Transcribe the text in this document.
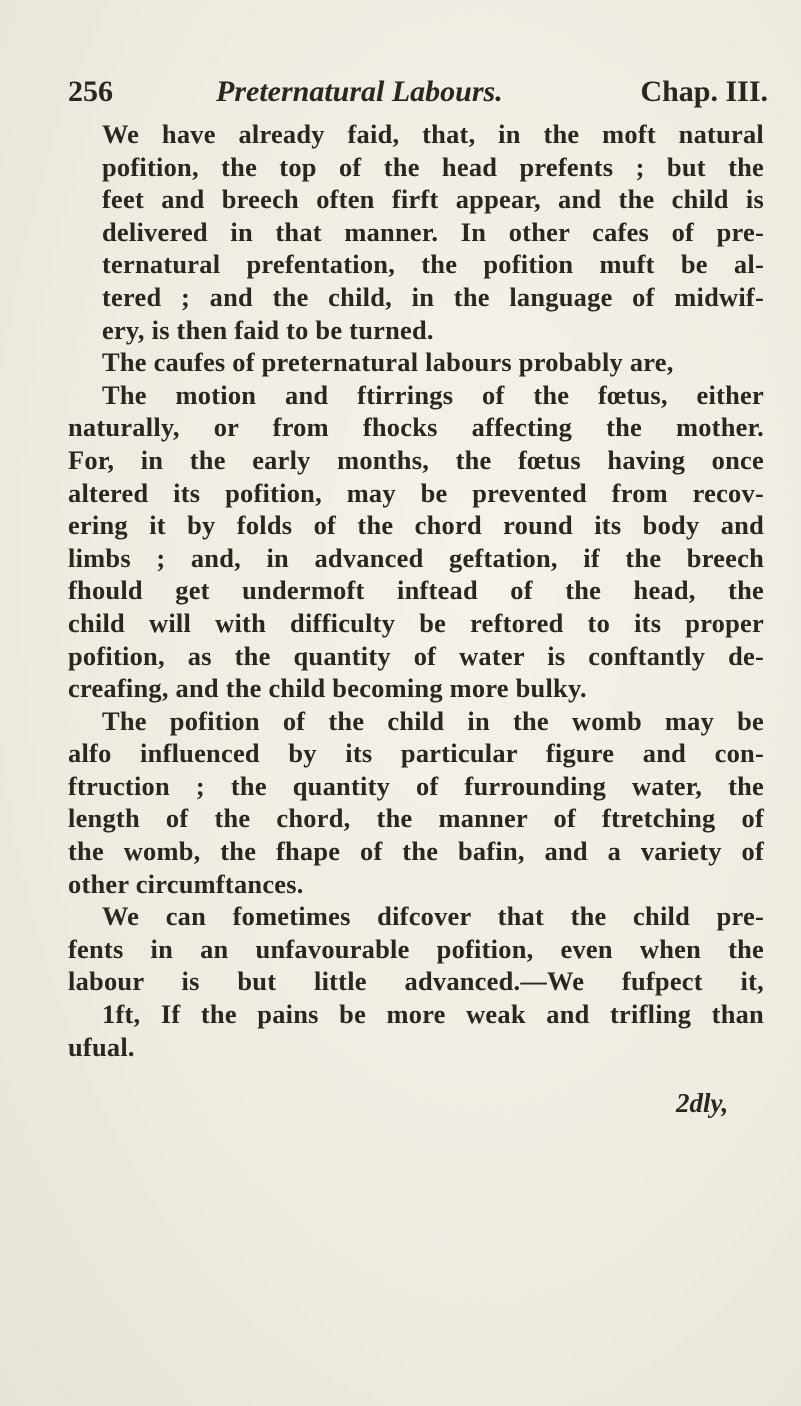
256	Preternatural Labours.	Chap. III.

We have already faid, that, in the moft natural
pofition, the top of the head prefents ; but the
feet and breech often firft appear, and the child is
delivered in that manner. In other cafes of pre-
ternatural prefentation, the pofition muft be al-
tered ; and the child, in the language of midwif-
ery, is then faid to be turned.

The caufes of preternatural labours probably are,

The motion and ftirrings of the fœtus, either
naturally, or from fhocks affecting the mother.
For, in the early months, the fœtus having once
altered its pofition, may be prevented from recov-
ering it by folds of the chord round its body and
limbs ; and, in advanced geftation, if the breech
fhould get undermoft inftead of the head, the
child will with difficulty be reftored to its proper
pofition, as the quantity of water is conftantly de-
creafing, and the child becoming more bulky.

The pofition of the child in the womb may be
alfo influenced by its particular figure and con-
ftruction ; the quantity of furrounding water, the
length of the chord, the manner of ftretching of
the womb, the fhape of the bafin, and a variety of
other circumftances.

We can fometimes difcover that the child pre-
fents in an unfavourable pofition, even when the
labour is but little advanced.—We fufpect it,

1ft, If the pains be more weak and trifling than
ufual.

2dly,
